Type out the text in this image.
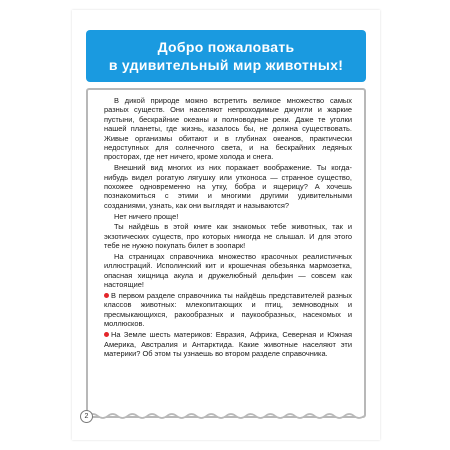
Добро пожаловать
в удивительный мир животных!

В дикой природе можно встретить великое множество самых разных существ. Они населяют непроходимые джунгли и жаркие пустыни, бескрайние океаны и полноводные реки. Даже те уголки нашей планеты, где жизнь, казалось бы, не должна существовать. Живые организмы обитают и в глубинах океанов, практически недоступных для солнечного света, и на бескрайних ледяных просторах, где нет ничего, кроме холода и снега.

Внешний вид многих из них поражает воображение. Ты когда-нибудь видел рогатую лягушку или утконоса — странное существо, похожее одновременно на утку, бобра и ящерицу? А хочешь познакомиться с этими и многими другими удивительными созданиями, узнать, как они выглядят и называются?

Нет ничего проще!

Ты найдёшь в этой книге как знакомых тебе животных, так и экзотических существ, про которых никогда не слышал. И для этого тебе не нужно покупать билет в зоопарк!

На страницах справочника множество красочных реалистичных иллюстраций. Исполинский кит и крошечная обезьянка мармозетка, опасная хищница акула и дружелюбный дельфин — совсем как настоящие!

В первом разделе справочника ты найдёшь представителей разных классов животных: млекопитающих и птиц, земноводных и пресмыкающихся, ракообразных и паукообразных, насекомых и моллюсков.

На Земле шесть материков: Евразия, Африка, Северная и Южная Америка, Австралия и Антарктида. Какие животные населяют эти материки? Об этом ты узнаешь во втором разделе справочника.

2
